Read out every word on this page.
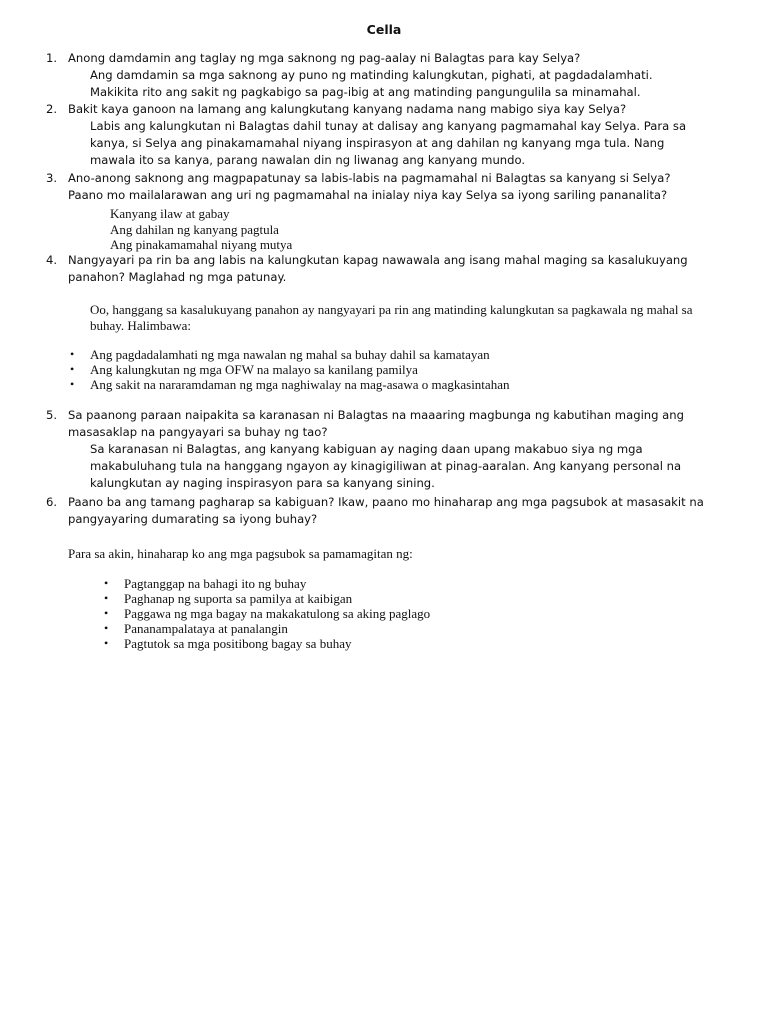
Cella
1. Anong damdamin ang taglay ng mga saknong ng pag-aalay ni Balagtas para kay Selya?
Ang damdamin sa mga saknong ay puno ng matinding kalungkutan, pighati, at pagdadalamhati. Makikita rito ang sakit ng pagkabigo sa pag-ibig at ang matinding pangungulila sa minamahal.
2. Bakit kaya ganoon na lamang ang kalungkutang kanyang nadama nang mabigo siya kay Selya?
Labis ang kalungkutan ni Balagtas dahil tunay at dalisay ang kanyang pagmamahal kay Selya. Para sa kanya, si Selya ang pinakamamahal niyang inspirasyon at ang dahilan ng kanyang mga tula. Nang mawala ito sa kanya, parang nawalan din ng liwanag ang kanyang mundo.
3. Ano-anong saknong ang magpapatunay sa labis-labis na pagmamahal ni Balagtas sa kanyang si Selya? Paano mo mailalarawan ang uri ng pagmamahal na inialay niya kay Selya sa iyong sariling pananalita?
Kanyang ilaw at gabay
Ang dahilan ng kanyang pagtula
Ang pinakamamahal niyang mutya
4. Nangyayari pa rin ba ang labis na kalungkutan kapag nawawala ang isang mahal maging sa kasalukuyang panahon? Maglahad ng mga patunay.
Oo, hanggang sa kasalukuyang panahon ay nangyayari pa rin ang matinding kalungkutan sa pagkawala ng mahal sa buhay. Halimbawa:
• Ang pagdadalamhati ng mga nawalan ng mahal sa buhay dahil sa kamatayan
• Ang kalungkutan ng mga OFW na malayo sa kanilang pamilya
• Ang sakit na nararamdaman ng mga naghiwalay na mag-asawa o magkasintahan
5. Sa paanong paraan naipakita sa karanasan ni Balagtas na maaaring magbunga ng kabutihan maging ang masasaklap na pangyayari sa buhay ng tao?
Sa karanasan ni Balagtas, ang kanyang kabiguan ay naging daan upang makabuo siya ng mga makabuluhang tula na hanggang ngayon ay kinagigiliwan at pinag-aaralan. Ang kanyang personal na kalungkutan ay naging inspirasyon para sa kanyang sining.
6. Paano ba ang tamang pagharap sa kabiguan? Ikaw, paano mo hinaharap ang mga pagsubok at masasakit na pangyayaring dumarating sa iyong buhay?
Para sa akin, hinaharap ko ang mga pagsubok sa pamamagitan ng:
• Pagtanggap na bahagi ito ng buhay
• Paghanap ng suporta sa pamilya at kaibigan
• Paggawa ng mga bagay na makakatulong sa aking paglago
• Pananampalataya at panalangin
• Pagtutok sa mga positibong bagay sa buhay
